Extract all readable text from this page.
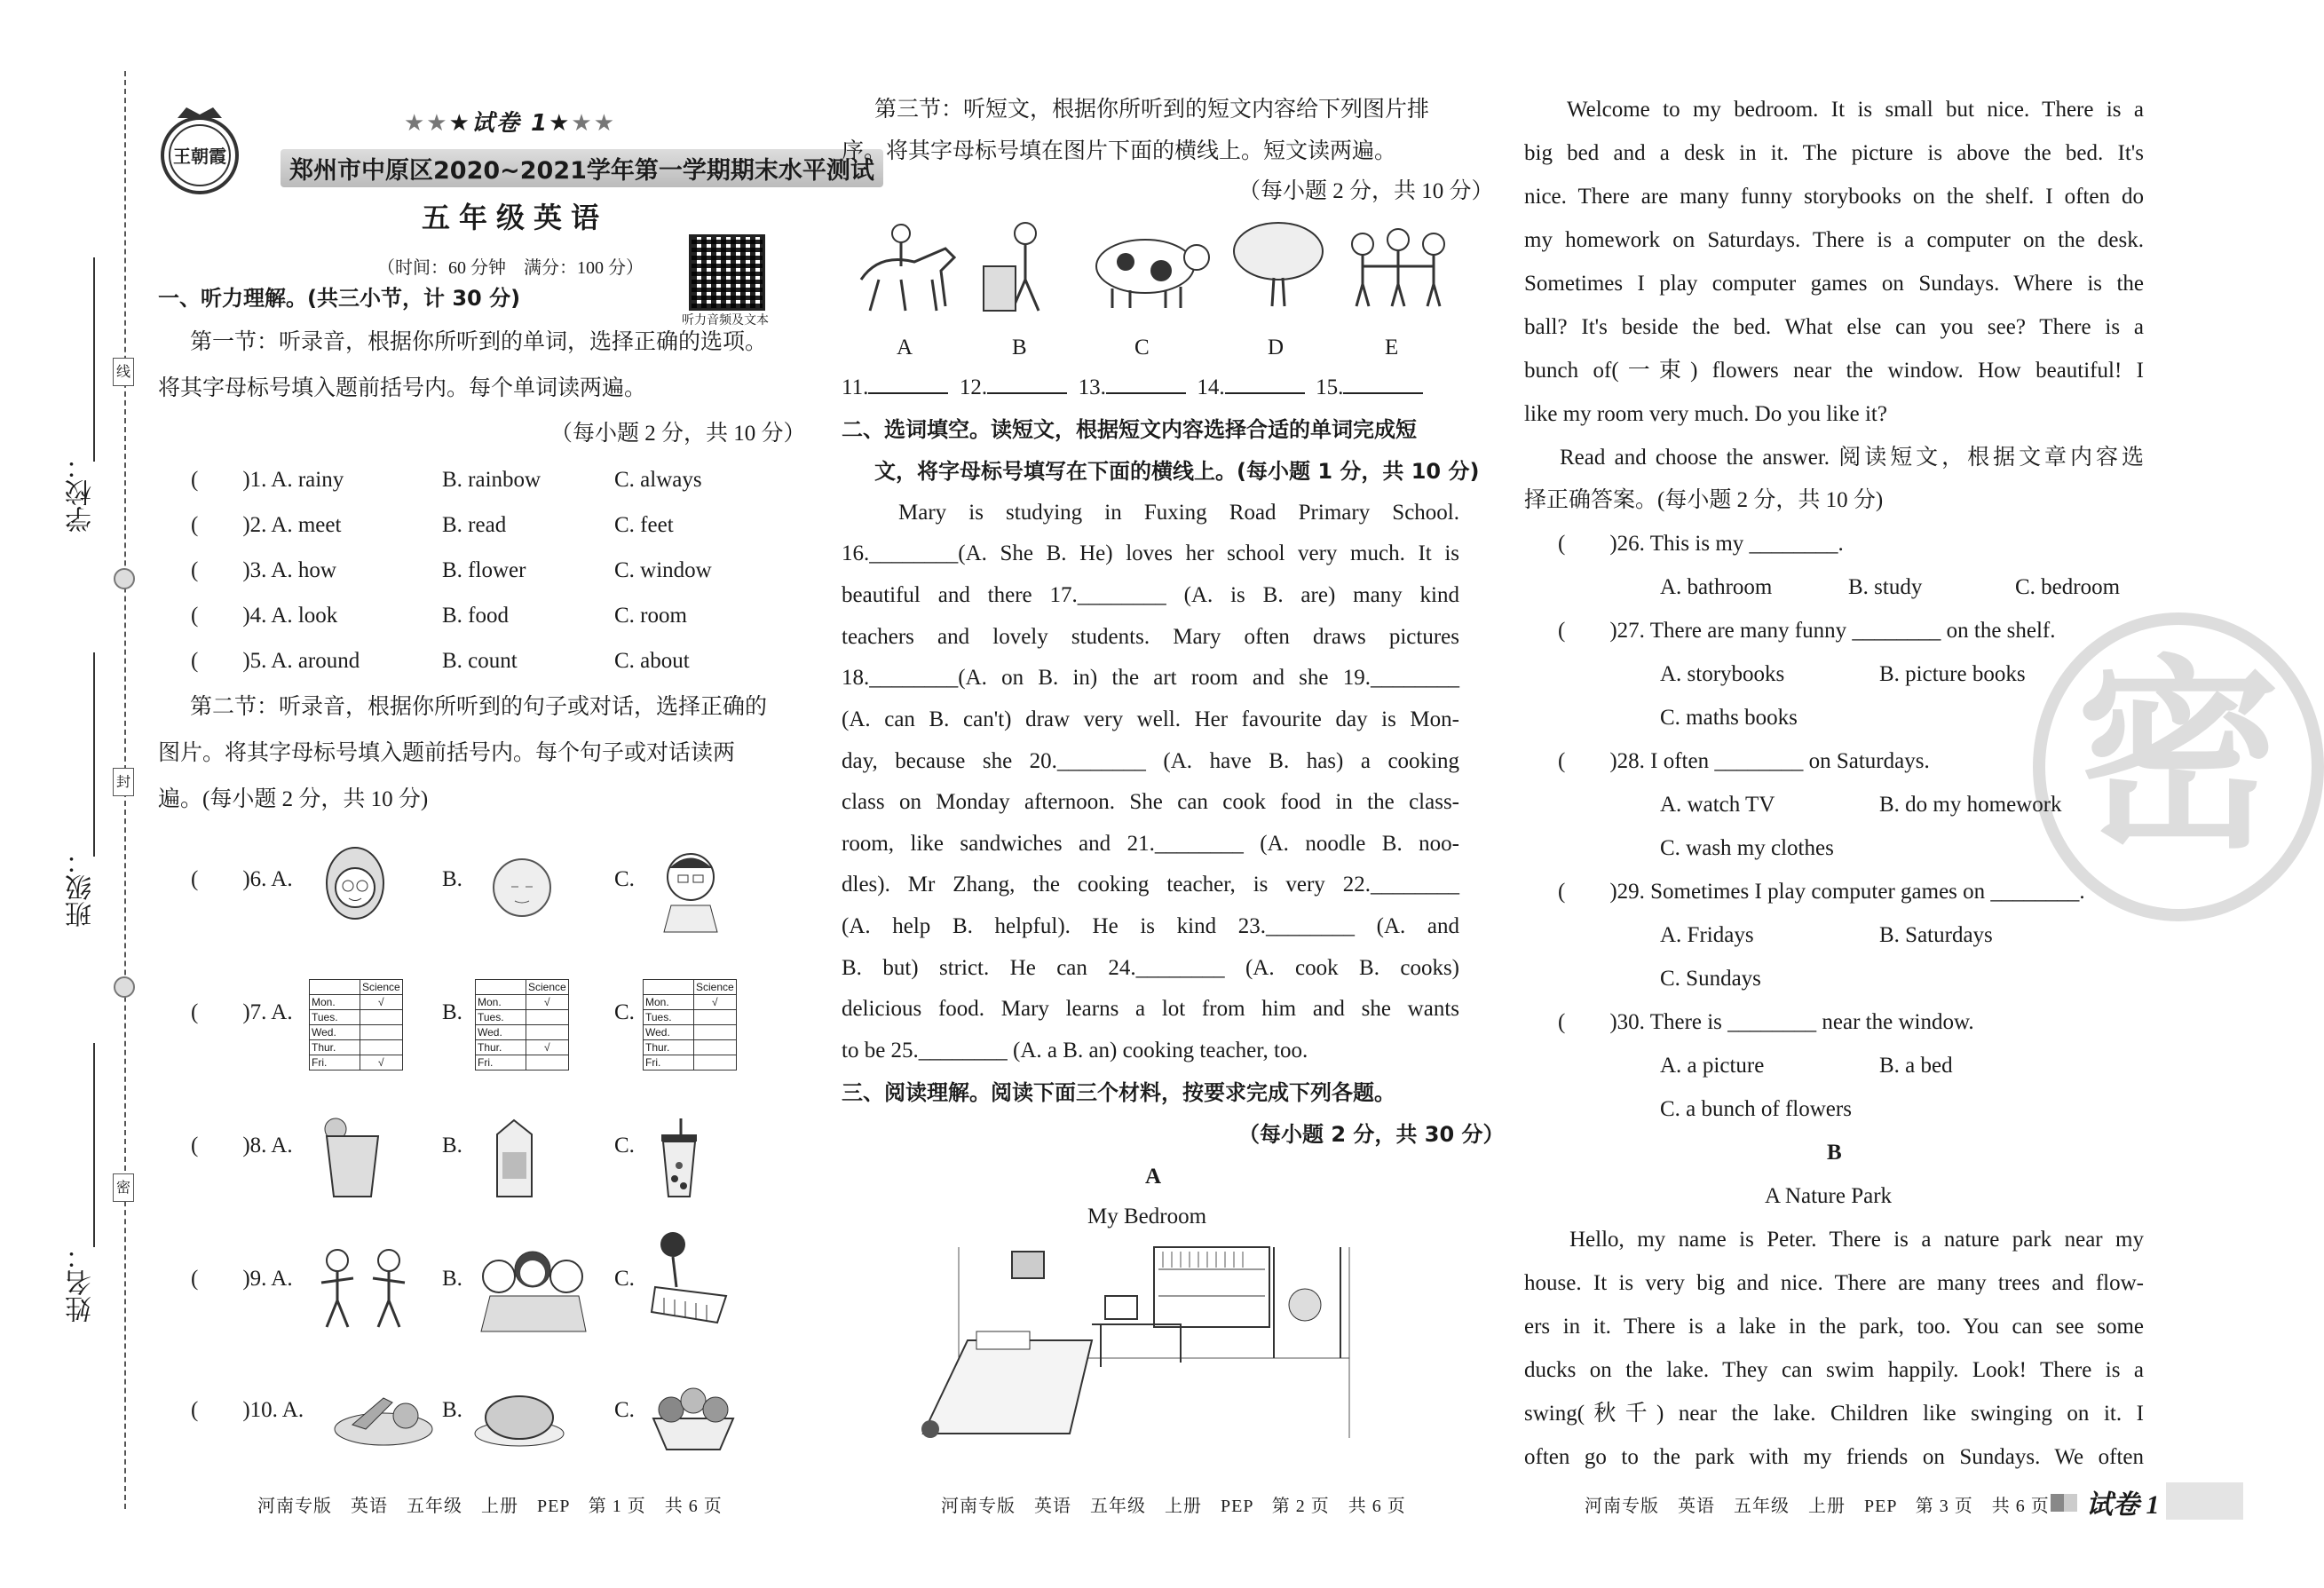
学校：
班级：
姓名：
线
封
密
王朝霞
★★★试卷 1★★★
郑州市中原区2020~2021学年第一学期期末水平测试
五年级英语
（时间：60 分钟　满分：100 分）
听力音频及文本
一、听力理解。(共三小节，计 30 分)
第一节：听录音，根据你所听到的单词，选择正确的选项。
将其字母标号填入题前括号内。每个单词读两遍。
（每小题 2 分，共 10 分）
(　　)1. A. rainy	B. rainbow	C. always
(　　)2. A. meet	B. read	C. feet
(　　)3. A. how	B. flower	C. window
(　　)4. A. look	B. food	C. room
(　　)5. A. around	B. count	C. about
第二节：听录音，根据你所听到的句子或对话，选择正确的
图片。将其字母标号填入题前括号内。每个句子或对话读两
遍。(每小题 2 分，共 10 分)
(　　)6. A.	B.	C.
(　　)7. A.
	Science
Mon.	√
Tues.	
Wed.	
Thur.	
Fri.	√
B.
	Science
Mon.	√
Tues.	
Wed.	
Thur.	√
Fri.	
C.
	Science
Mon.	√
Tues.	
Wed.	
Thur.	
Fri.	
(　　)8. A.	B.	C.
(　　)9. A.	B.	C.
(　　)10. A.	B.	C.
河南专版　英语　五年级　上册　PEP　第 1 页　共 6 页
第三节：听短文，根据你所听到的短文内容给下列图片排
序。将其字母标号填在图片下面的横线上。短文读两遍。
（每小题 2 分，共 10 分）
A	B	C	D	E
11.	12.	13.	14.	15.
二、选词填空。读短文，根据短文内容选择合适的单词完成短
文，将字母标号填写在下面的横线上。(每小题 1 分，共 10 分)
Mary is studying in Fuxing Road Primary School.
16.________(A. She B. He) loves her school very much. It is
beautiful and there 17.________ (A. is B. are) many kind
teachers and lovely students. Mary often draws pictures
18.________(A. on B. in) the art room and she 19.________
(A. can B. can't) draw very well. Her favourite day is Mon-
day, because she 20.________ (A. have B. has) a cooking
class on Monday afternoon. She can cook food in the class-
room, like sandwiches and 21.________ (A. noodle B. noo-
dles). Mr Zhang, the cooking teacher, is very 22.________
(A. help B. helpful). He is kind 23.________ (A. and
B. but) strict. He can 24.________ (A. cook B. cooks)
delicious food. Mary learns a lot from him and she wants
to be 25.________ (A. a B. an) cooking teacher, too.
三、阅读理解。阅读下面三个材料，按要求完成下列各题。
（每小题 2 分，共 30 分）
A
My Bedroom
河南专版　英语　五年级　上册　PEP　第 2 页　共 6 页
密
Welcome to my bedroom. It is small but nice. There is a
big bed and a desk in it. The picture is above the bed. It's
nice. There are many funny storybooks on the shelf. I often do
my homework on Saturdays. There is a computer on the desk.
Sometimes I play computer games on Sundays. Where is the
ball? It's beside the bed. What else can you see? There is a
bunch of(一束) flowers near the window. How beautiful! I
like my room very much. Do you like it?
Read and choose the answer. 阅读短文，根据文章内容选
择正确答案。(每小题 2 分，共 10 分)
(　　)26. This is my ________.
A. bathroom	B. study	C. bedroom
(　　)27. There are many funny ________ on the shelf.
A. storybooks	B. picture books
C. maths books
(　　)28. I often ________ on Saturdays.
A. watch TV	B. do my homework
C. wash my clothes
(　　)29. Sometimes I play computer games on ________.
A. Fridays	B. Saturdays
C. Sundays
(　　)30. There is ________ near the window.
A. a picture	B. a bed
C. a bunch of flowers
B
A Nature Park
Hello, my name is Peter. There is a nature park near my
house. It is very big and nice. There are many trees and flow-
ers in it. There is a lake in the park, too. You can see some
ducks on the lake. They can swim happily. Look! There is a
swing(秋千) near the lake. Children like swinging on it. I
often go to the park with my friends on Sundays. We often
河南专版　英语　五年级　上册　PEP　第 3 页　共 6 页 试卷 1
